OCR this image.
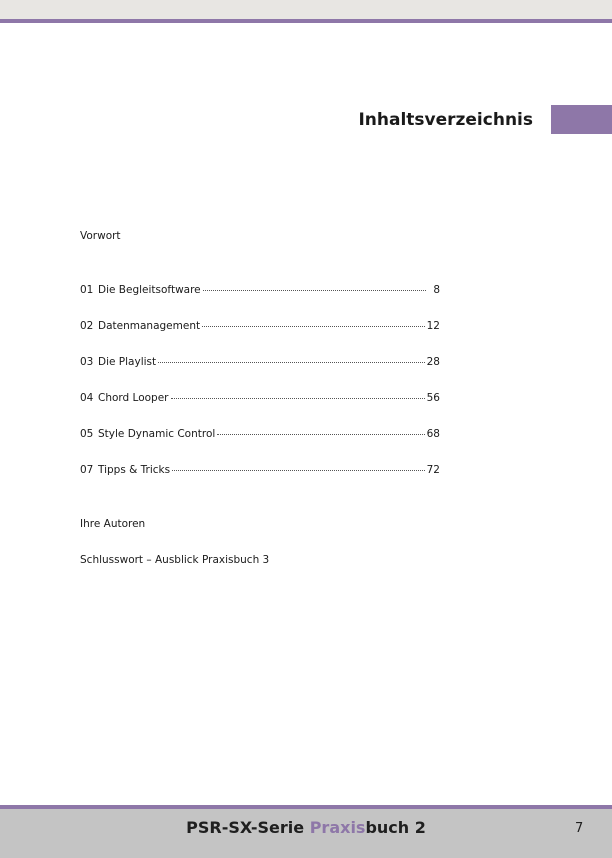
Inhaltsverzeichnis
Vorwort
01 Die Begleitsoftware	8
02 Datenmanagement	12
03 Die Playlist	28
04 Chord Looper	56
05 Style Dynamic Control	68
07 Tipps & Tricks	72
Ihre Autoren
Schlusswort – Ausblick Praxisbuch 3
PSR-SX-Serie Praxisbuch 2	7
